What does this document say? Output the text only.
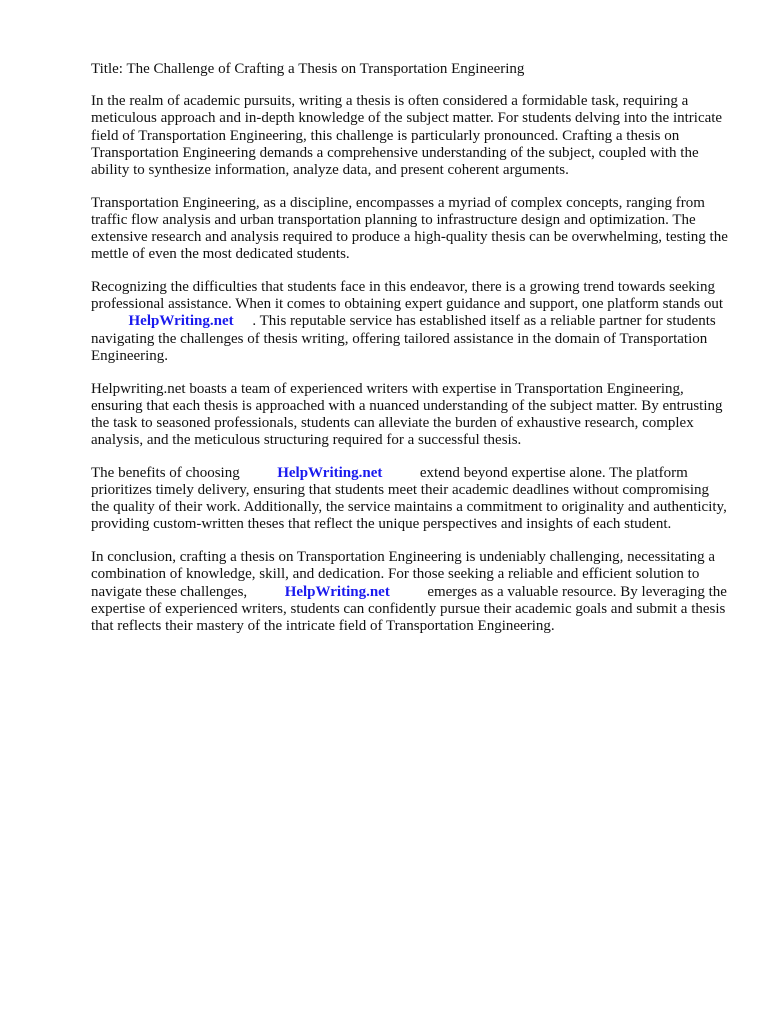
Title: The Challenge of Crafting a Thesis on Transportation Engineering

In the realm of academic pursuits, writing a thesis is often considered a formidable task, requiring a meticulous approach and in-depth knowledge of the subject matter. For students delving into the intricate field of Transportation Engineering, this challenge is particularly pronounced. Crafting a thesis on Transportation Engineering demands a comprehensive understanding of the subject, coupled with the ability to synthesize information, analyze data, and present coherent arguments.

Transportation Engineering, as a discipline, encompasses a myriad of complex concepts, ranging from traffic flow analysis and urban transportation planning to infrastructure design and optimization. The extensive research and analysis required to produce a high-quality thesis can be overwhelming, testing the mettle of even the most dedicated students.

Recognizing the difficulties that students face in this endeavor, there is a growing trend towards seeking professional assistance. When it comes to obtaining expert guidance and support, one platform stands out          HelpWriting.net . This reputable service has established itself as a reliable partner for students navigating the challenges of thesis writing, offering tailored assistance in the domain of Transportation Engineering.

Helpwriting.net boasts a team of experienced writers with expertise in Transportation Engineering, ensuring that each thesis is approached with a nuanced understanding of the subject matter. By entrusting the task to seasoned professionals, students can alleviate the burden of exhaustive research, complex analysis, and the meticulous structuring required for a successful thesis.

The benefits of choosing	HelpWriting.net	extend beyond expertise alone. The platform prioritizes timely delivery, ensuring that students meet their academic deadlines without compromising the quality of their work. Additionally, the service maintains a commitment to originality and authenticity, providing custom-written theses that reflect the unique perspectives and insights of each student.

In conclusion, crafting a thesis on Transportation Engineering is undeniably challenging, necessitating a combination of knowledge, skill, and dedication. For those seeking a reliable and efficient solution to navigate these challenges,	HelpWriting.net	emerges as a valuable resource. By leveraging the expertise of experienced writers, students can confidently pursue their academic goals and submit a thesis that reflects their mastery of the intricate field of Transportation Engineering.
